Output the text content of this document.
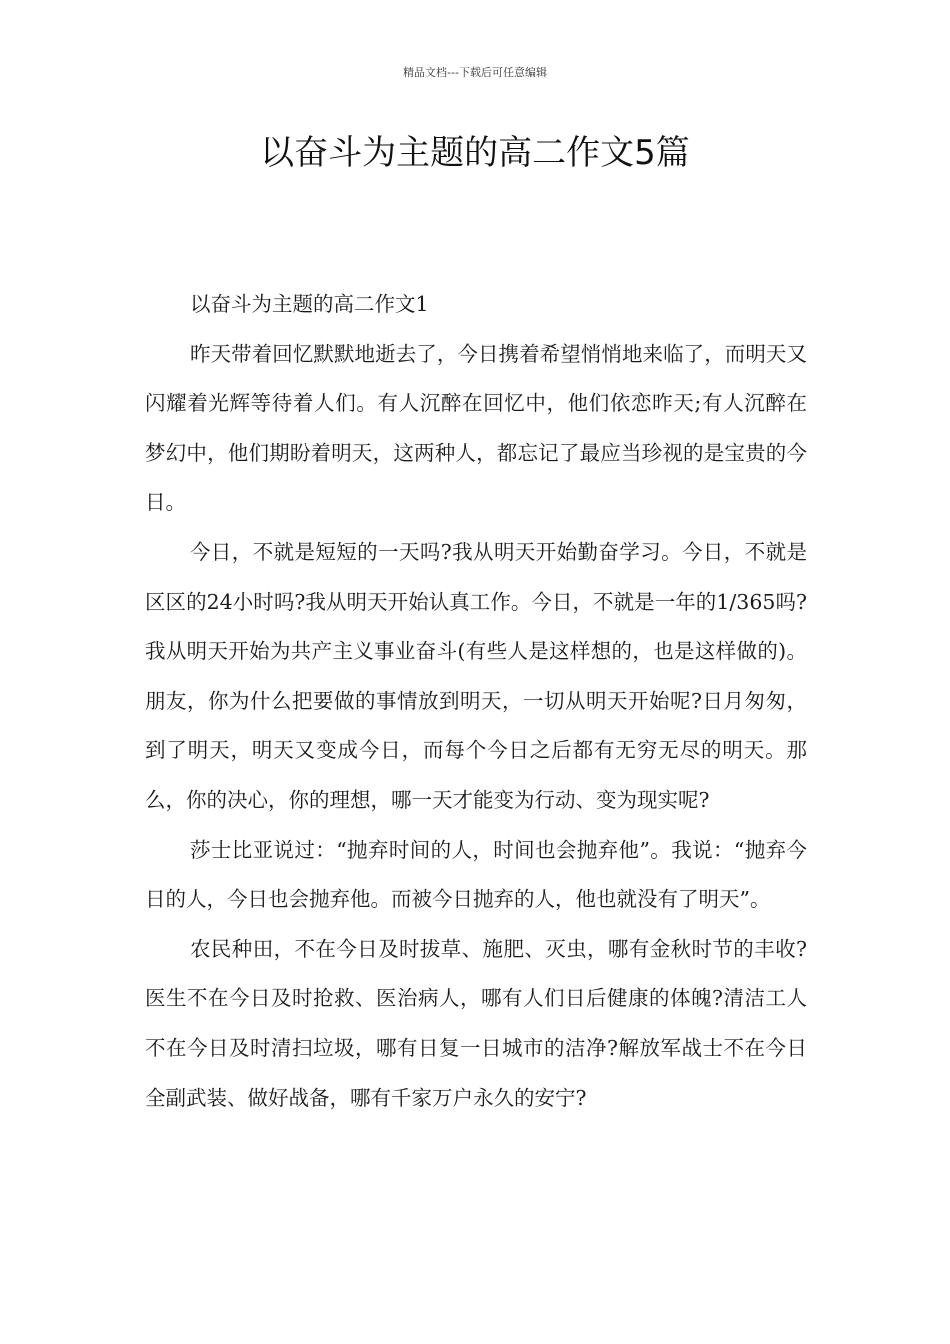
精品文档---下载后可任意编辑
以奋斗为主题的高二作文5篇

以奋斗为主题的高二作文1

昨天带着回忆默默地逝去了，今日携着希望悄悄地来临了，而明天又闪耀着光辉等待着人们。有人沉醉在回忆中，他们依恋昨天;有人沉醉在梦幻中，他们期盼着明天，这两种人，都忘记了最应当珍视的是宝贵的今日。

今日，不就是短短的一天吗?我从明天开始勤奋学习。今日，不就是区区的24小时吗?我从明天开始认真工作。今日，不就是一年的1/365吗?我从明天开始为共产主义事业奋斗(有些人是这样想的，也是这样做的)。朋友，你为什么把要做的事情放到明天，一切从明天开始呢?日月匆匆，到了明天，明天又变成今日，而每个今日之后都有无穷无尽的明天。那么，你的决心，你的理想，哪一天才能变为行动、变为现实呢?

莎士比亚说过：“抛弃时间的人，时间也会抛弃他”。我说：“抛弃今日的人，今日也会抛弃他。而被今日抛弃的人，他也就没有了明天”。

农民种田，不在今日及时拔草、施肥、灭虫，哪有金秋时节的丰收?医生不在今日及时抢救、医治病人，哪有人们日后健康的体魄?清洁工人不在今日及时清扫垃圾，哪有日复一日城市的洁净?解放军战士不在今日全副武装、做好战备，哪有千家万户永久的安宁?
